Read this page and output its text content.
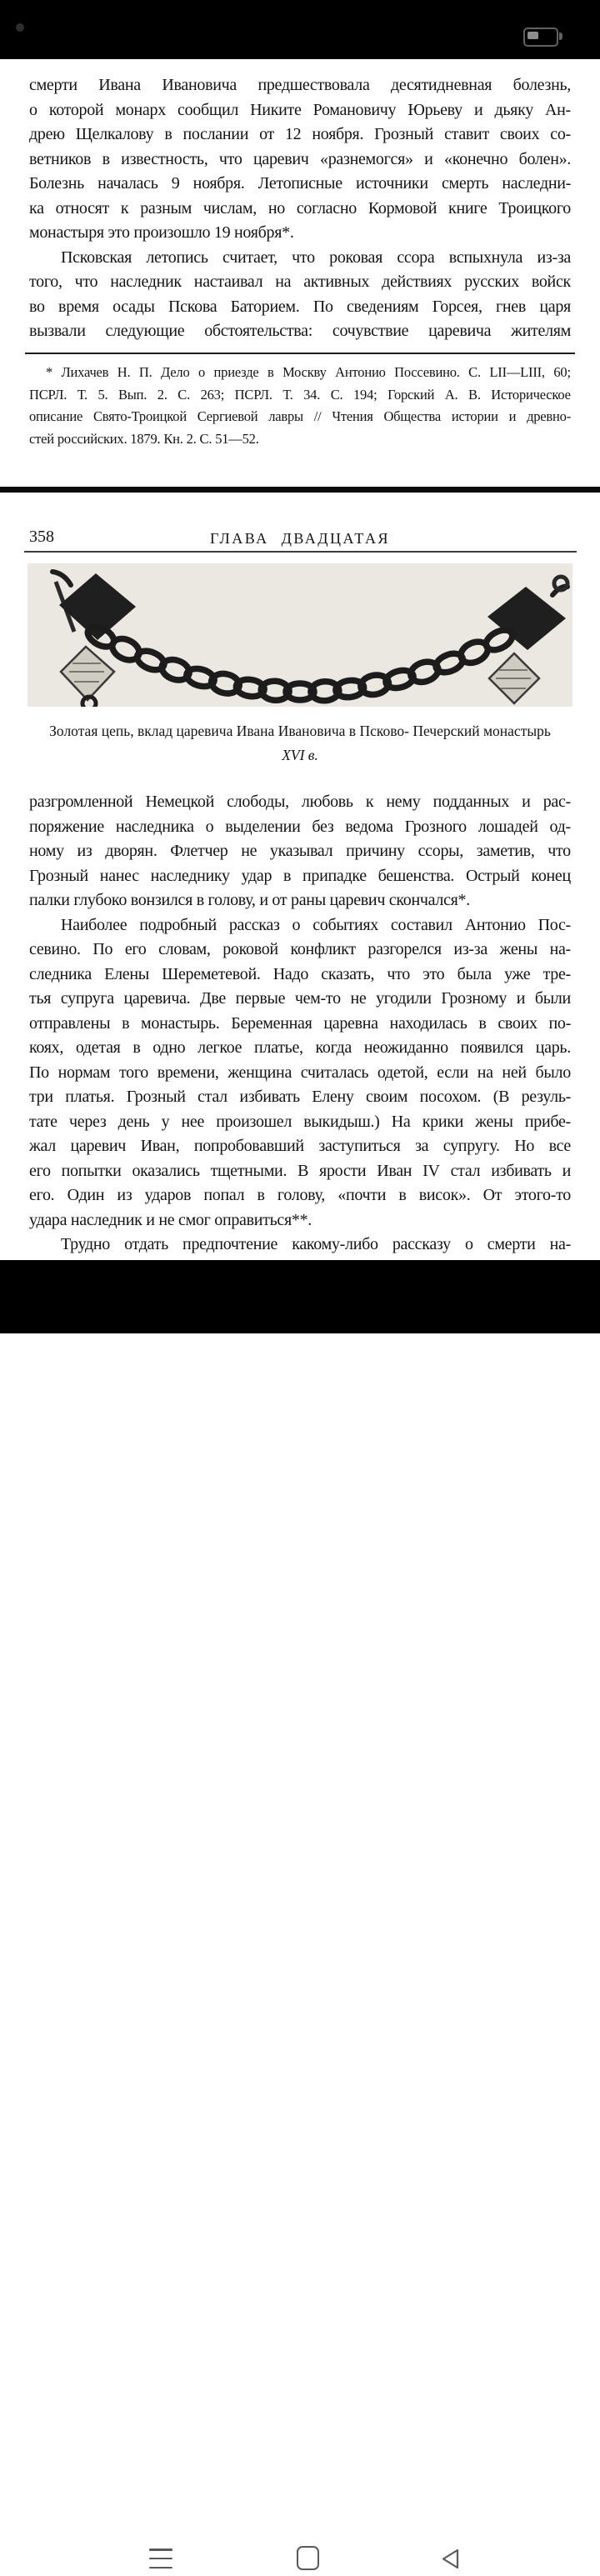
смерти Ивана Ивановича предшествовала десятидневная болезнь,
о которой монарх сообщил Никите Романовичу Юрьеву и дьяку Ан-
дрею Щелкалову в послании от 12 ноября. Грозный ставит своих со-
ветников в известность, что царевич «разнемогся» и «конечно болен».
Болезнь началась 9 ноября. Летописные источники смерть наследни-
ка относят к разным числам, но согласно Кормовой книге Троицкого
монастыря это произошло 19 ноября*.
Псковская летопись считает, что роковая ссора вспыхнула из-за
того, что наследник настаивал на активных действиях русских войск
во время осады Пскова Баторием. По сведениям Горсея, гнев царя
вызвали следующие обстоятельства: сочувствие царевича жителям
* Лихачев Н. П. Дело о приезде в Москву Антонио Поссевино. С. LII—LIII, 60;
ПСРЛ. Т. 5. Вып. 2. С. 263; ПСРЛ. Т. 34. С. 194; Горский А. В. Историческое
описание Свято-Троицкой Сергиевой лавры // Чтения Общества истории и древно-
стей российских. 1879. Кн. 2. С. 51—52.
358	ГЛАВА ДВАДЦАТАЯ
Золотая цепь, вклад царевича Ивана Ивановича в Псково- Печерский монастырь
XVI в.
разгромленной Немецкой слободы, любовь к нему подданных и рас-
поряжение наследника о выделении без ведома Грозного лошадей од-
ному из дворян. Флетчер не указывал причину ссоры, заметив, что
Грозный нанес наследнику удар в припадке бешенства. Острый конец
палки глубоко вонзился в голову, и от раны царевич скончался*.
Наиболее подробный рассказ о событиях составил Антонио Пос-
севино. По его словам, роковой конфликт разгорелся из-за жены на-
следника Елены Шереметевой. Надо сказать, что это была уже тре-
тья супруга царевича. Две первые чем-то не угодили Грозному и были
отправлены в монастырь. Беременная царевна находилась в своих по-
коях, одетая в одно легкое платье, когда неожиданно появился царь.
По нормам того времени, женщина считалась одетой, если на ней было
три платья. Грозный стал избивать Елену своим посохом. (В резуль-
тате через день у нее произошел выкидыш.) На крики жены прибе-
жал царевич Иван, попробовавший заступиться за супругу. Но все
его попытки оказались тщетными. В ярости Иван IV стал избивать и
его. Один из ударов попал в голову, «почти в висок». От этого-то
удара наследник и не смог оправиться**.
Трудно отдать предпочтение какому-либо рассказу о смерти на-
